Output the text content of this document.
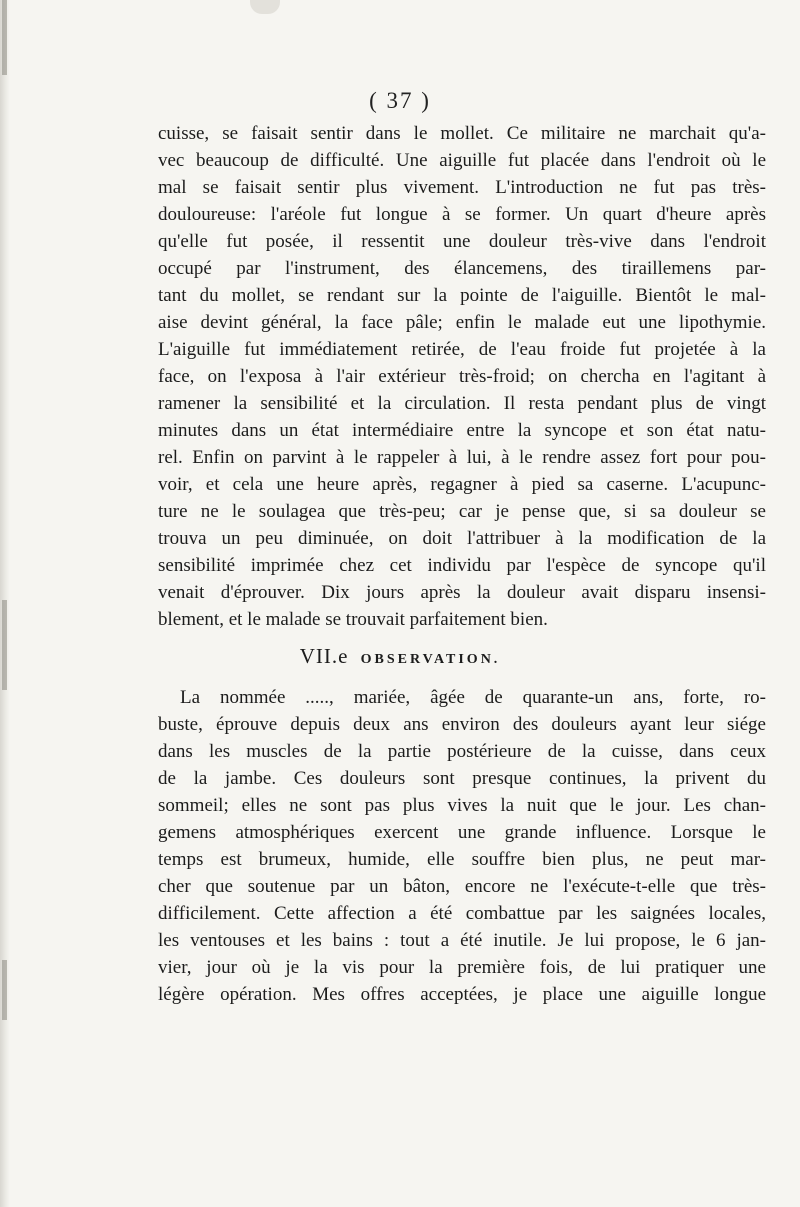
( 37 )
cuisse, se faisait sentir dans le mollet. Ce militaire ne marchait qu'a-
vec beaucoup de difficulté. Une aiguille fut placée dans l'endroit où le
mal se faisait sentir plus vivement. L'introduction ne fut pas très-
douloureuse: l'aréole fut longue à se former. Un quart d'heure après
qu'elle fut posée, il ressentit une douleur très-vive dans l'endroit
occupé par l'instrument, des élancemens, des tiraillemens par-
tant du mollet, se rendant sur la pointe de l'aiguille. Bientôt le mal-
aise devint général, la face pâle; enfin le malade eut une lipothymie.
L'aiguille fut immédiatement retirée, de l'eau froide fut projetée à la
face, on l'exposa à l'air extérieur très-froid; on chercha en l'agitant à
ramener la sensibilité et la circulation. Il resta pendant plus de vingt
minutes dans un état intermédiaire entre la syncope et son état natu-
rel. Enfin on parvint à le rappeler à lui, à le rendre assez fort pour pou-
voir, et cela une heure après, regagner à pied sa caserne. L'acupunc-
ture ne le soulagea que très-peu; car je pense que, si sa douleur se
trouva un peu diminuée, on doit l'attribuer à la modification de la
sensibilité imprimée chez cet individu par l'espèce de syncope qu'il
venait d'éprouver. Dix jours après la douleur avait disparu insensi-
blement, et le malade se trouvait parfaitement bien.
VII.e OBSERVATION.
La nommée ....., mariée, âgée de quarante-un ans, forte, ro-
buste, éprouve depuis deux ans environ des douleurs ayant leur siége
dans les muscles de la partie postérieure de la cuisse, dans ceux
de la jambe. Ces douleurs sont presque continues, la privent du
sommeil; elles ne sont pas plus vives la nuit que le jour. Les chan-
gemens atmosphériques exercent une grande influence. Lorsque le
temps est brumeux, humide, elle souffre bien plus, ne peut mar-
cher que soutenue par un bâton, encore ne l'exécute-t-elle que très-
difficilement. Cette affection a été combattue par les saignées locales,
les ventouses et les bains : tout a été inutile. Je lui propose, le 6 jan-
vier, jour où je la vis pour la première fois, de lui pratiquer une
légère opération. Mes offres acceptées, je place une aiguille longue
